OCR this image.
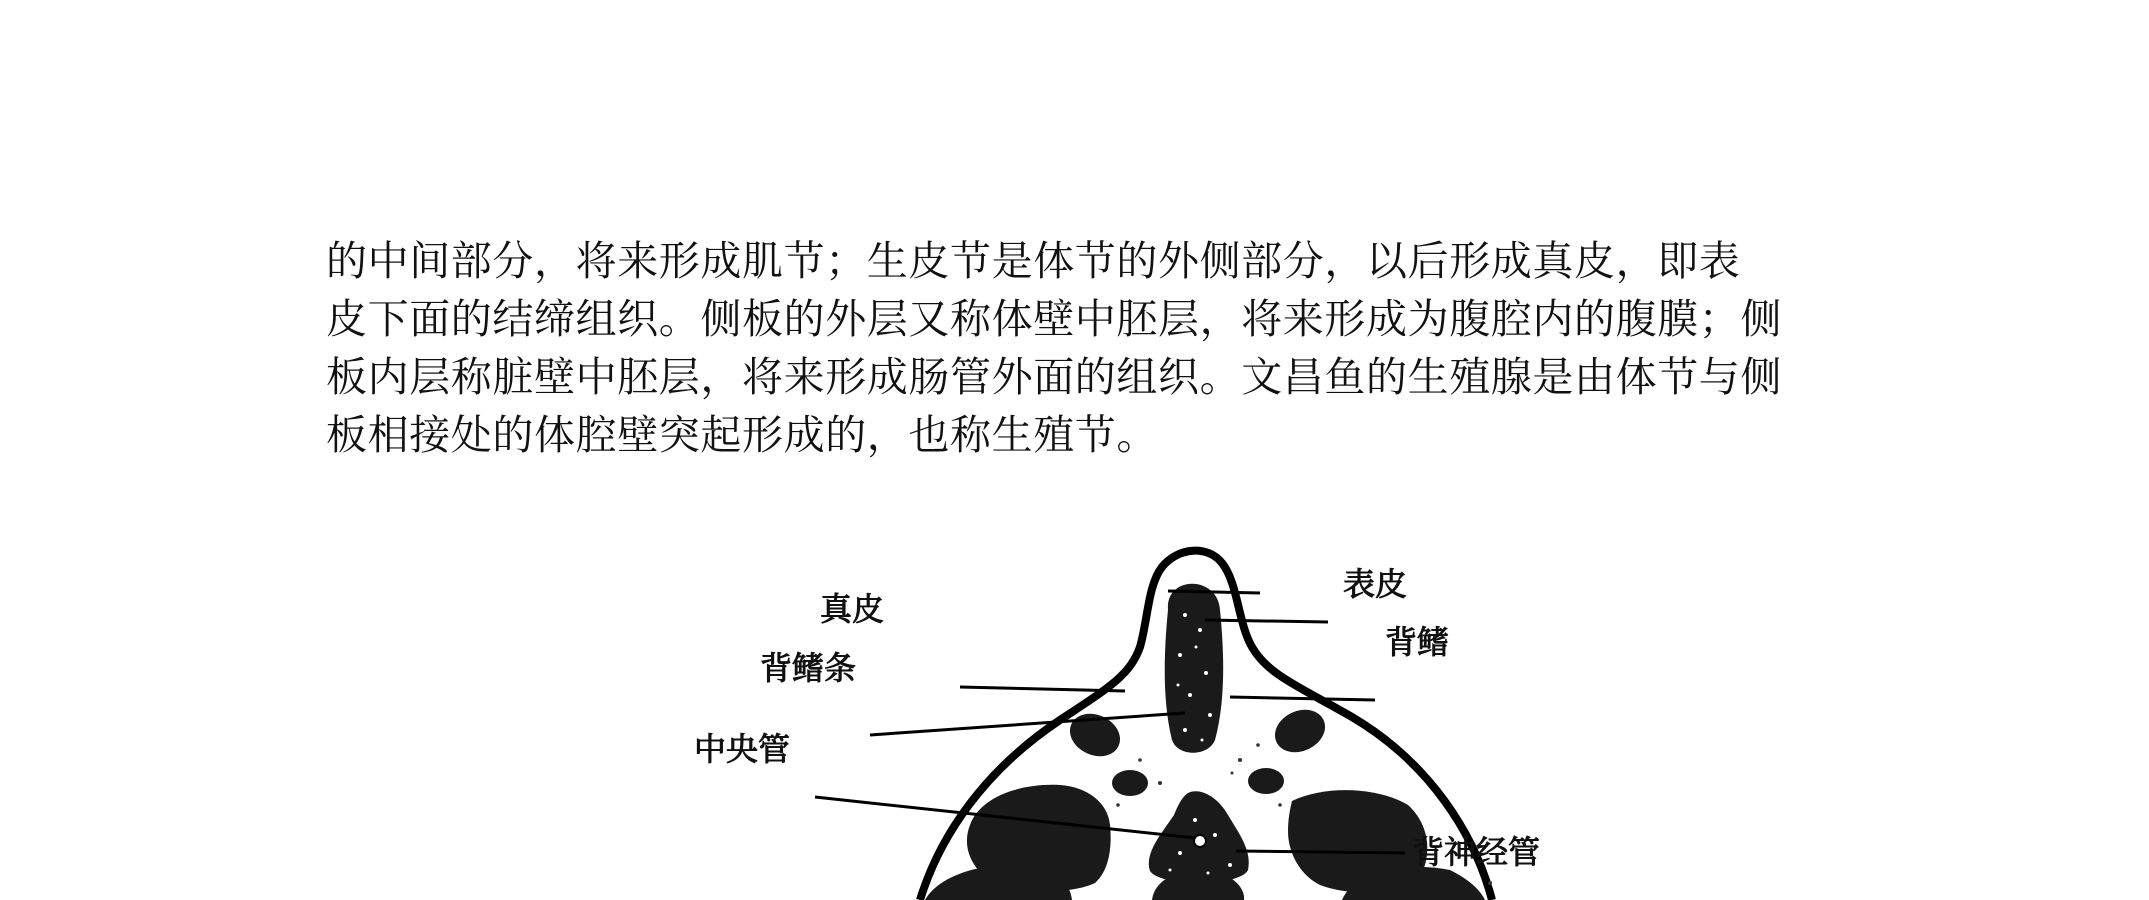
的中间部分，将来形成肌节；生皮节是体节的外侧部分，以后形成真皮，即表
皮下面的结缔组织。侧板的外层又称体壁中胚层，将来形成为腹腔内的腹膜；侧
板内层称脏壁中胚层，将来形成肠管外面的组织。文昌鱼的生殖腺是由体节与侧
板相接处的体腔壁突起形成的，也称生殖节。
表皮
真皮
背鳍
背鳍条
中央管
背神经管
